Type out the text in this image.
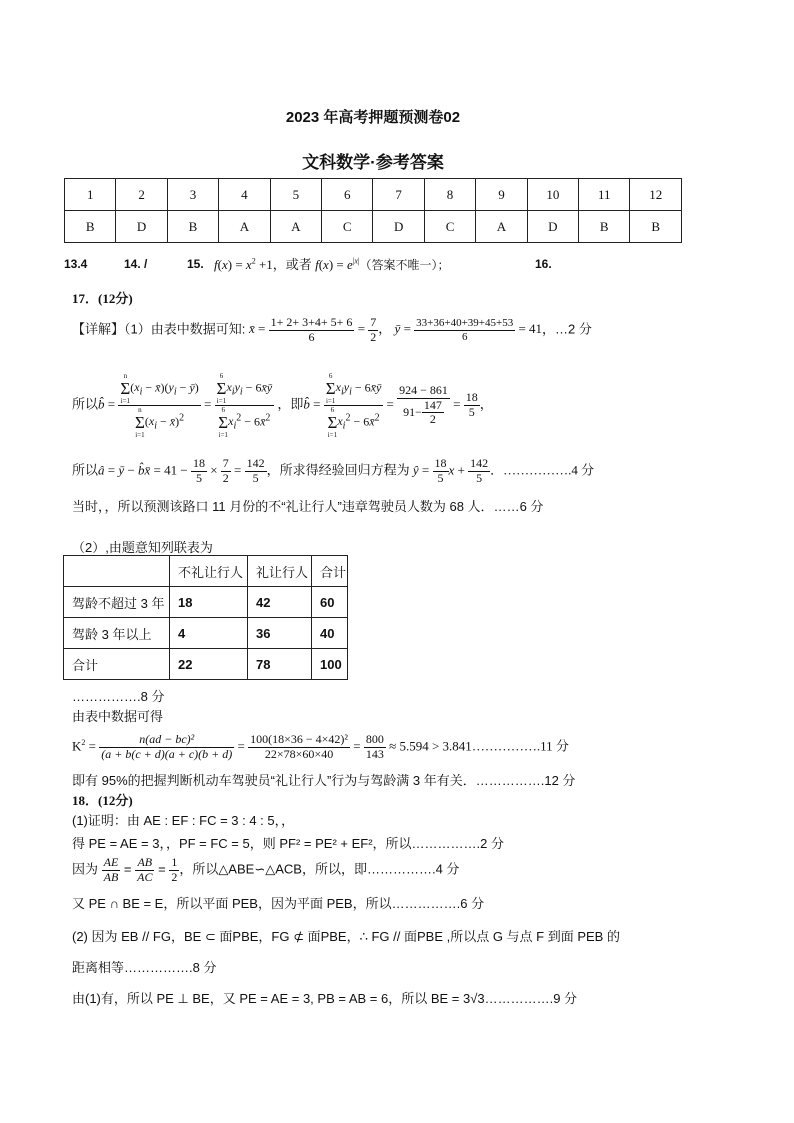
2023 年高考押题预测卷02
文科数学·参考答案
1	2	3	4	5	6	7	8	9	10	11	12
B	D	B	A	A	C	D	C	A	D	B	B
13.4	14. /	15. $f(x) = x^2 +1$，或者 $f(x) = e^{|x|}$（答案不唯一）；	16.
17．(12分)
【详解】（1）由表中数据可知: x̄ = $\frac{1+ 2+ 3+4+ 5+ 6}{6} = \frac{7}{2}$ ， ȳ = $\frac{33+36+40+39+45+53}{6} = 41$，…2 分
所以b̂ = n
Σ
$i=1(x_i$ − $x̄)(y_i$ − ȳ)
n
Σ
$i=1(x_i$ − x̄)$^2$ = 6
Σ
$i=1x_iy_i$ − 6x̄ȳ
6
Σ
$i=1x_i^2$ − 6x̄$^2$ ，即b̂ = 6
Σ
$i=1x_iy_i$ − 6x̄ȳ
6
Σ
$i=1x_i^2$ − 6x̄$^2$ = $\frac{924 - 861}{91- \frac{147}{2}} = \frac{18}{5}$ ，
所以â = ȳ − b̂x̄ = $41 - \frac{18}{5} \times \frac{7}{2} = \frac{142}{5}$ ，所求得经验回归方程为 ŷ = $\frac{18}{5}$ $x + \frac{142}{5}$ ．…………….4 分
当时，，所以预测该路口 11 月份的不“礼让行人”违章驾驶员人数为 68 人．……6 分
（2）,由题意知列联表为
	不礼让行人	礼让行人	合计
驾龄不超过 3 年	18	42	60
驾龄 3 年以上	4	36	40
合计	22	78	100
…………….8 分
由表中数据可得
$K^2 = \frac{\text{n(ad − bc)²}}{(a + b(c + d)(a + c)(b + d)} = \frac{\text{100(18×36 − 4×42)²}}{22\times 78\times 60\times 40} = \frac{800}{143} \approx 5.594$ > 3.841…………….11 分
即有 95%的把握判断机动车驾驶员“礼让行人”行为与驾龄满 3 年有关．…………….12 分
18．(12分)
(1)证明：由 AE : EF : FC = 3 : 4 : 5，，
得 PE = AE = 3，，PF = FC = 5，则 PF² = PE² + EF²，所以…………….2 分
因为 $\frac{AE}{AB} = \frac{AB}{AC} = \frac{1}{2}$ ，所以△ABE∽△ACB，所以，即…………….4 分
又 PE ∩ BE = E，所以平面 PEB，因为平面 PEB，所以…………….6 分
(2) 因为 EB // FG，BE ⊂ 面PBE，FG ⊄ 面PBE，∴ FG // 面PBE ,所以点 G 与点 F 到面 PEB 的
距离相等…………….8 分
由(1)有，所以 PE ⊥ BE，又 PE = AE = 3, PB = AB = 6，所以 BE = 3√3…………….9 分
